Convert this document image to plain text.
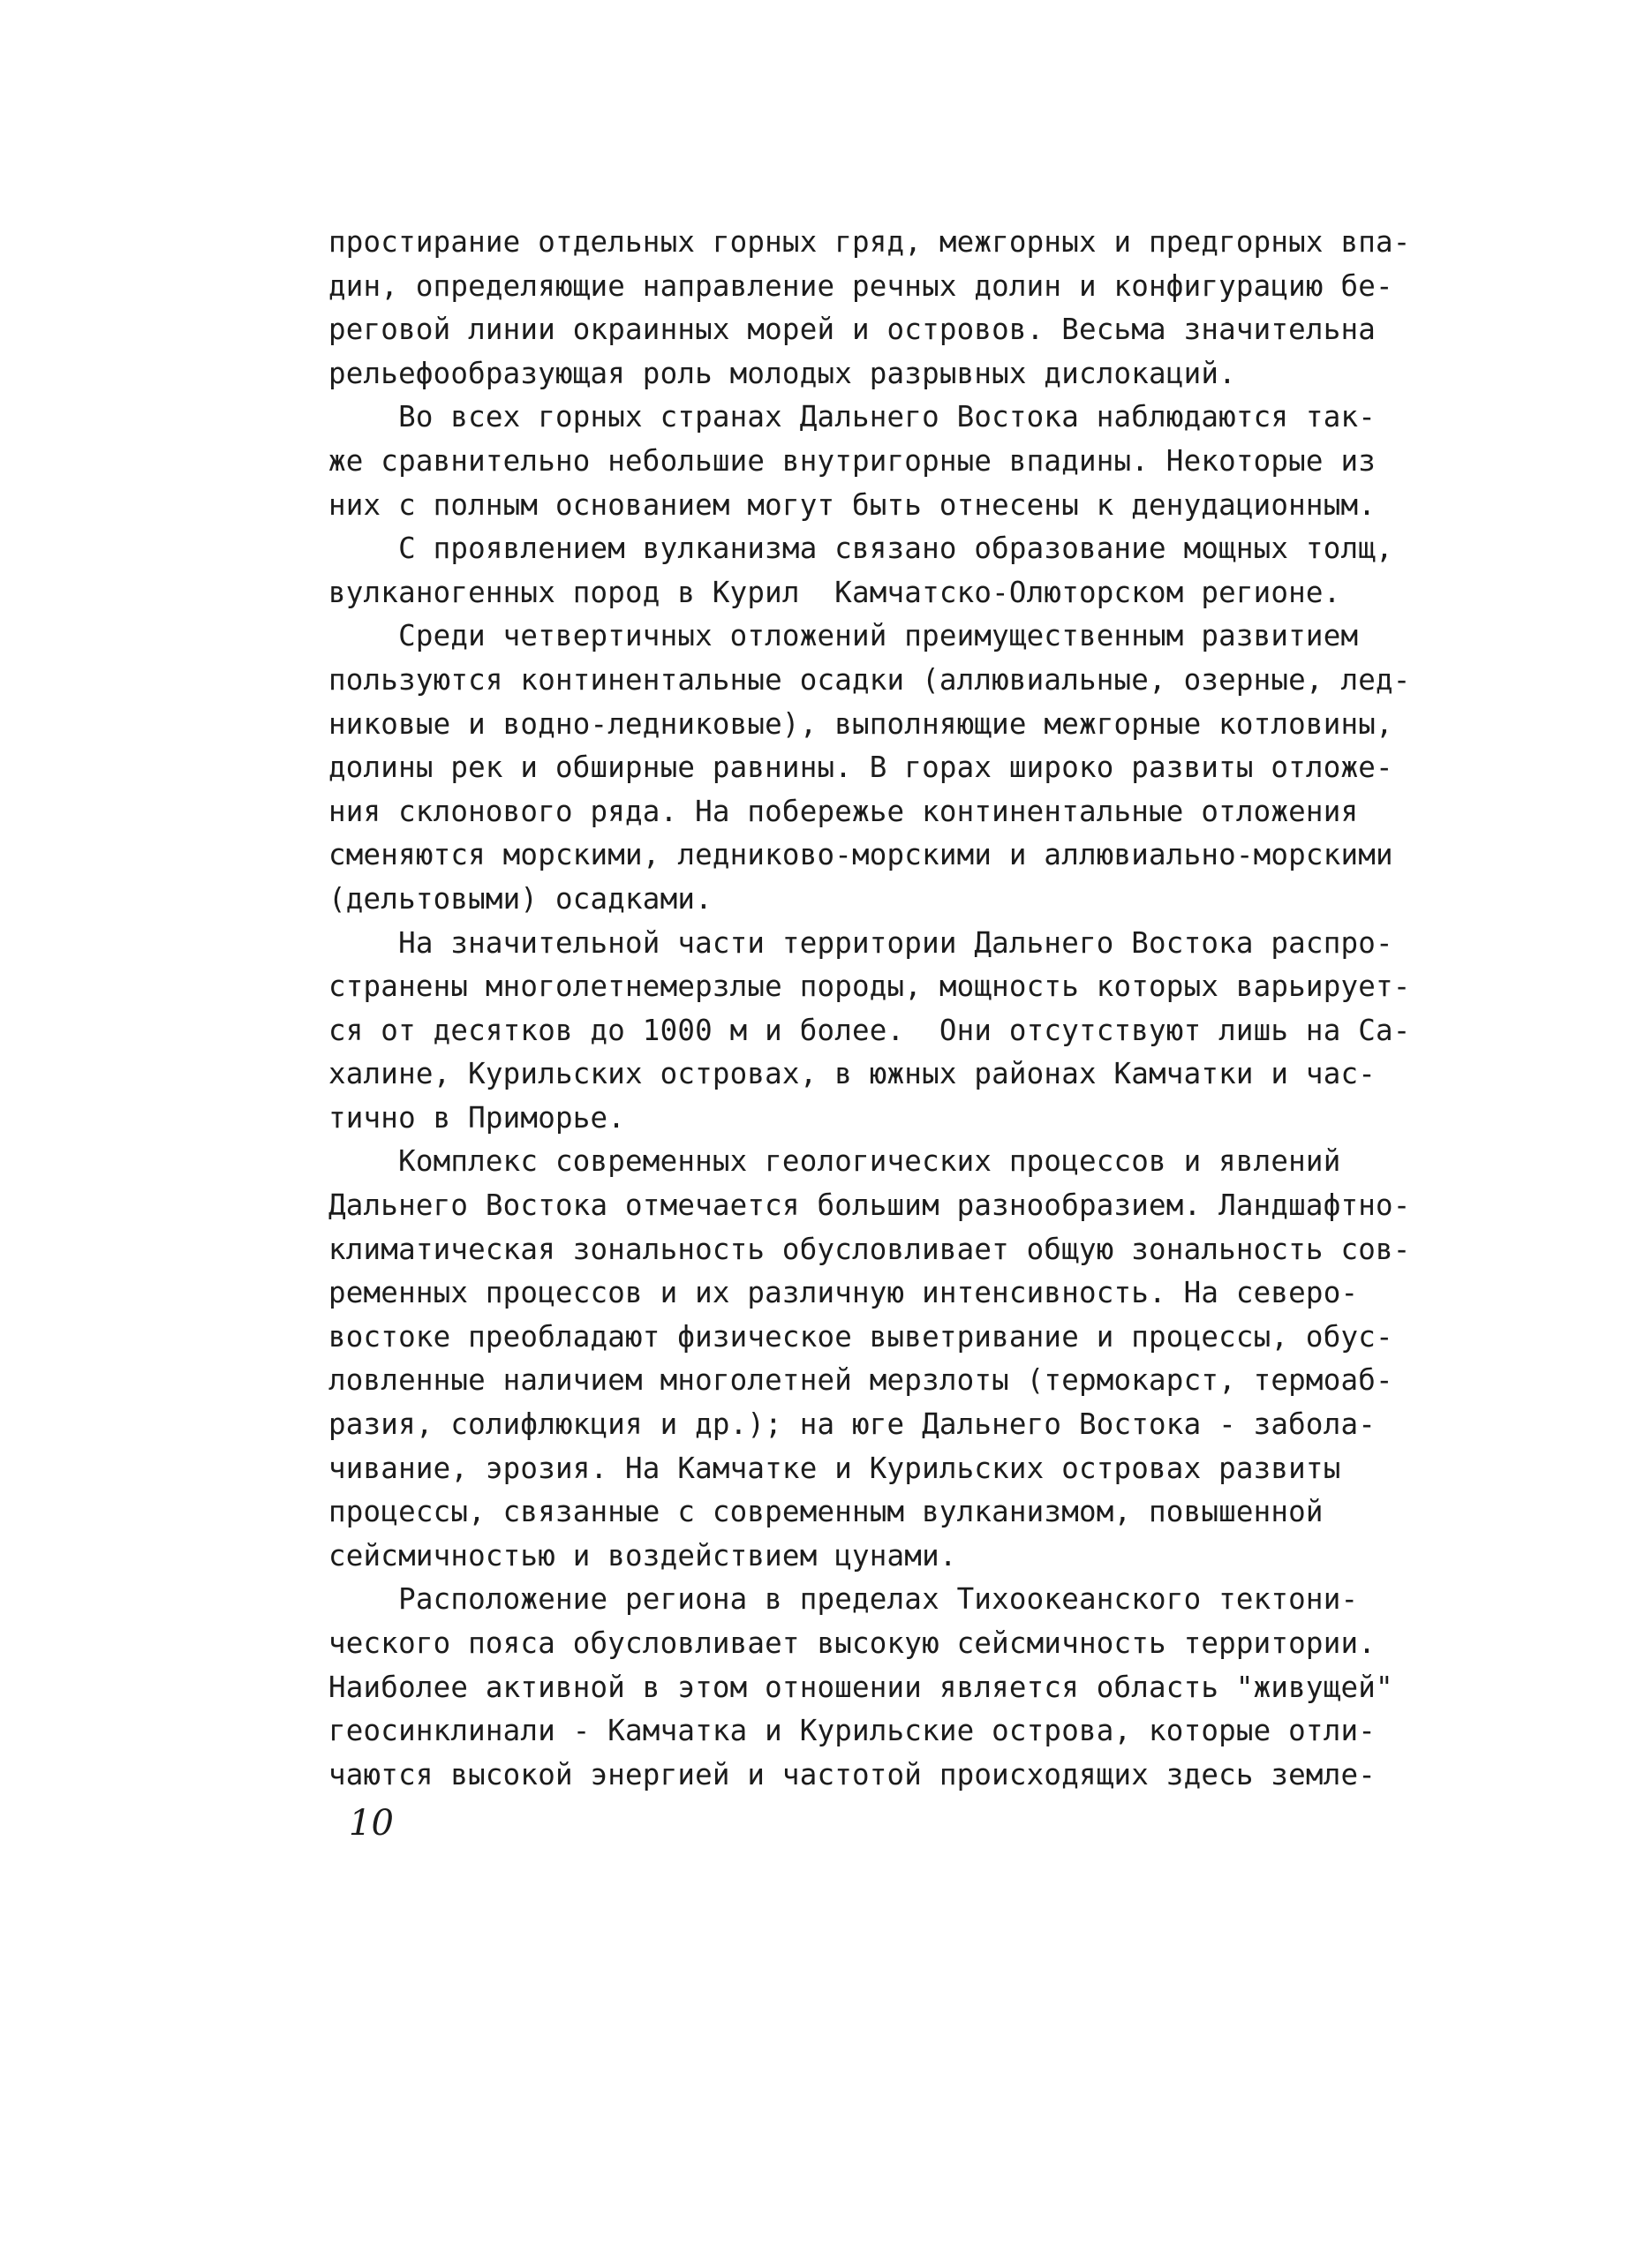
простирание отдельных горных гряд, межгорных и предгорных впа-
дин, определяющие направление речных долин и конфигурацию бе-
реговой линии окраинных морей и островов. Весьма значительна
рельефообразующая роль молодых разрывных дислокаций.
Во всех горных странах Дальнего Востока наблюдаются так-
же сравнительно небольшие внутригорные впадины. Некоторые из
них с полным основанием могут быть отнесены к денудационным.
С проявлением вулканизма связано образование мощных толщ,
вулканогенных пород в Курил  Камчатско-Олюторском регионе.
Среди четвертичных отложений преимущественным развитием
пользуются континентальные осадки (аллювиальные, озерные, лед-
никовые и водно-ледниковые), выполняющие межгорные котловины,
долины рек и обширные равнины. В горах широко развиты отложе-
ния склонового ряда. На побережье континентальные отложения
сменяются морскими, ледниково-морскими и аллювиально-морскими
(дельтовыми) осадками.
На значительной части территории Дальнего Востока распро-
странены многолетнемерзлые породы, мощность которых варьирует-
ся от десятков до 1000 м и более.  Они отсутствуют лишь на Са-
халине, Курильских островах, в южных районах Камчатки и час-
тично в Приморье.
Комплекс современных геологических процессов и явлений
Дальнего Востока отмечается большим разнообразием. Ландшафтно-
климатическая зональность обусловливает общую зональность сов-
ременных процессов и их различную интенсивность. На северо-
востоке преобладают физическое выветривание и процессы, обус-
ловленные наличием многолетней мерзлоты (термокарст, термоаб-
разия, солифлюкция и др.); на юге Дальнего Востока - забола-
чивание, эрозия. На Камчатке и Курильских островах развиты
процессы, связанные с современным вулканизмом, повышенной
сейсмичностью и воздействием цунами.
Расположение региона в пределах Тихоокеанского тектони-
ческого пояса обусловливает высокую сейсмичность территории.
Наиболее активной в этом отношении является область "живущей"
геосинклинали - Камчатка и Курильские острова, которые отли-
чаются высокой энергией и частотой происходящих здесь земле-
10
